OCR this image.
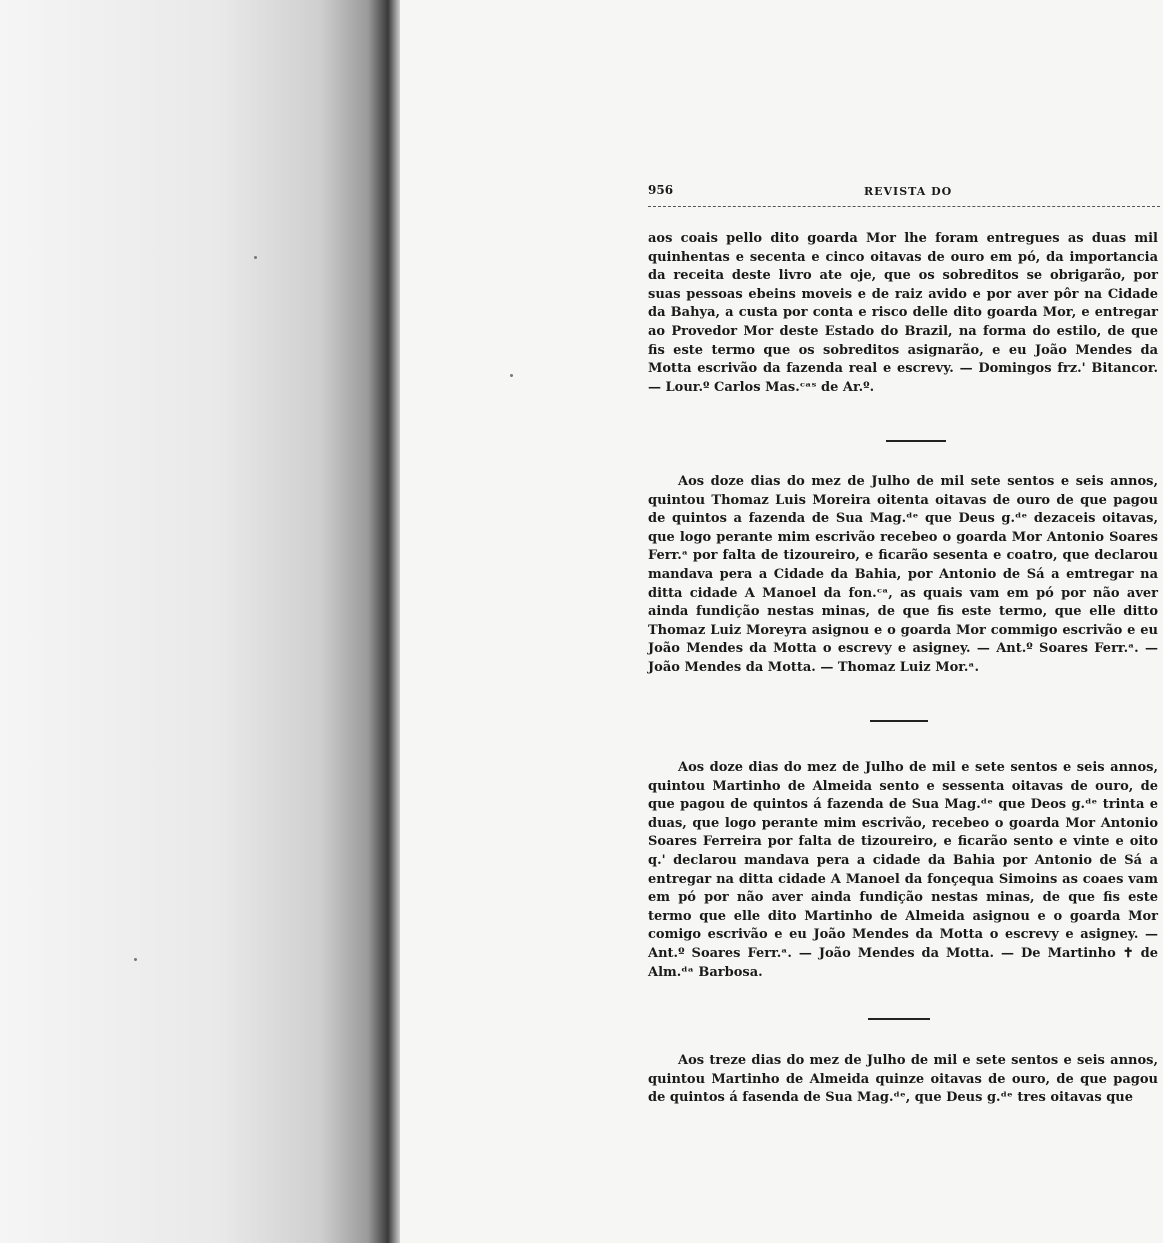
956	REVISTA DO
aos coais pello dito goarda Mor lhe foram entregues as duas mil quinhentas e secenta e cinco oitavas de ouro em pó, da importancia da receita deste livro ate oje, que os sobreditos se obrigarão, por suas pessoas ebeins moveis e de raiz avido e por aver pôr na Cidade da Bahya, a custa por conta e risco delle dito goarda Mor, e entregar ao Provedor Mor deste Estado do Brazil, na forma do estilo, de que fis este termo que os sobreditos asignarão, e eu João Mendes da Motta escrivão da fazenda real e escrevy. — Domingos frz.' Bitancor. — Lour.º Carlos Mas.ᶜᵃˢ de Ar.º.
Aos doze dias do mez de Julho de mil sete sentos e seis annos, quintou Thomaz Luis Moreira oitenta oitavas de ouro de que pagou de quintos a fazenda de Sua Mag.ᵈᵉ que Deus g.ᵈᵉ dezaceis oitavas, que logo perante mim escrivão recebeo o goarda Mor Antonio Soares Ferr.ᵃ por falta de tizoureiro, e ficarão sesenta e coatro, que declarou mandava pera a Cidade da Bahia, por Antonio de Sá a emtregar na ditta cidade A Manoel da fon.ᶜᵃ, as quais vam em pó por não aver ainda fundição nestas minas, de que fis este termo, que elle ditto Thomaz Luiz Moreyra asignou e o goarda Mor commigo escrivão e eu João Mendes da Motta o escrevy e asigney. — Ant.º Soares Ferr.ᵃ. — João Mendes da Motta. — Thomaz Luiz Mor.ᵃ.
Aos doze dias do mez de Julho de mil e sete sentos e seis annos, quintou Martinho de Almeida sento e sessenta oitavas de ouro, de que pagou de quintos á fazenda de Sua Mag.ᵈᵉ que Deos g.ᵈᵉ trinta e duas, que logo perante mim escrivão, recebeo o goarda Mor Antonio Soares Ferreira por falta de tizoureiro, e ficarão sento e vinte e oito q.' declarou mandava pera a cidade da Bahia por Antonio de Sá a entregar na ditta cidade A Manoel da fonçequa Simoins as coaes vam em pó por não aver ainda fundição nestas minas, de que fis este termo que elle dito Martinho de Almeida asignou e o goarda Mor comigo escrivão e eu João Mendes da Motta o escrevy e asigney. — Ant.º Soares Ferr.ᵃ. — João Mendes da Motta. — De Martinho ✝ de Alm.ᵈᵃ Barbosa.
Aos treze dias do mez de Julho de mil e sete sentos e seis annos, quintou Martinho de Almeida quinze oitavas de ouro, de que pagou de quintos á fasenda de Sua Mag.ᵈᵉ, que Deus g.ᵈᵉ tres oitavas que
